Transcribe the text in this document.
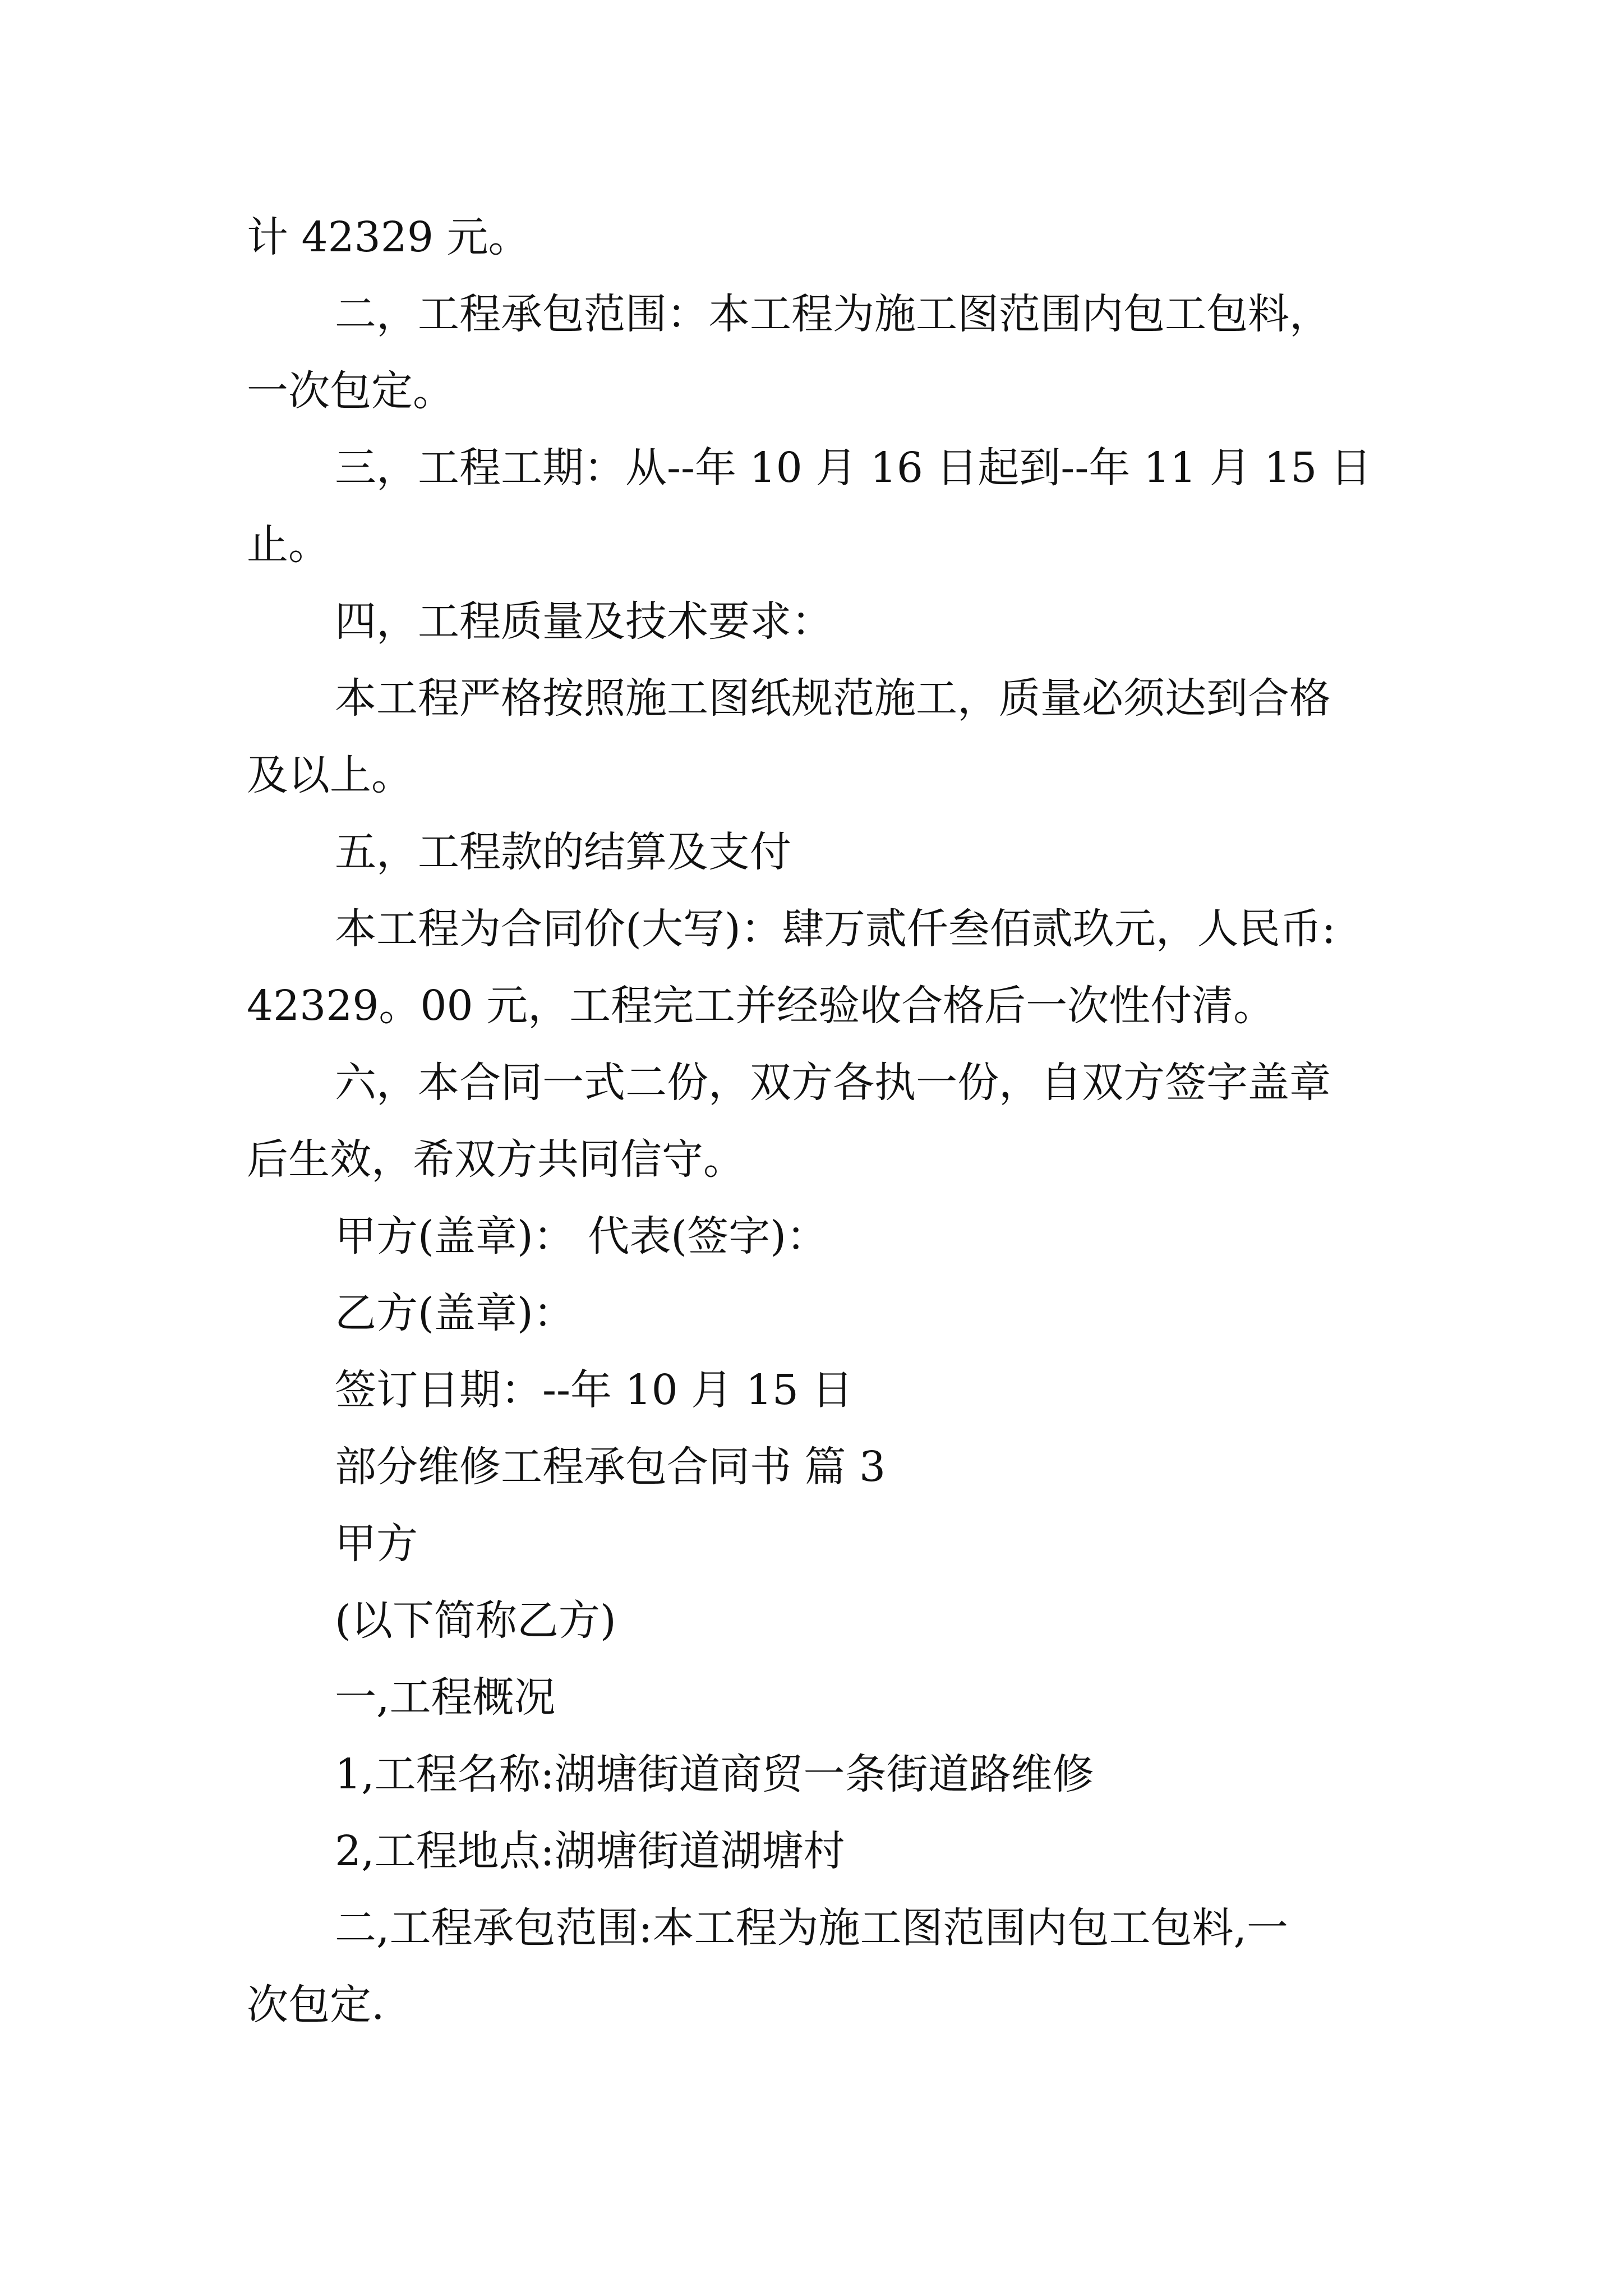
计 42329 元。

二，工程承包范围：本工程为施工图范围内包工包料，

一次包定。

三，工程工期：从--年 10 月 16 日起到--年 11 月 15 日

止。

四，工程质量及技术要求：

本工程严格按照施工图纸规范施工，质量必须达到合格

及以上。

五，工程款的结算及支付

本工程为合同价(大写)：肆万贰仟叁佰贰玖元，人民币:

42329。00 元，工程完工并经验收合格后一次性付清。

六，本合同一式二份，双方各执一份，自双方签字盖章

后生效，希双方共同信守。

甲方(盖章)： 代表(签字)：

乙方(盖章)：

签订日期：--年 10 月 15 日

部分维修工程承包合同书 篇 3

甲方

(以下简称乙方)

一,工程概况

1,工程名称:湖塘街道商贸一条街道路维修

2,工程地点:湖塘街道湖塘村

二,工程承包范围:本工程为施工图范围内包工包料,一

次包定.
